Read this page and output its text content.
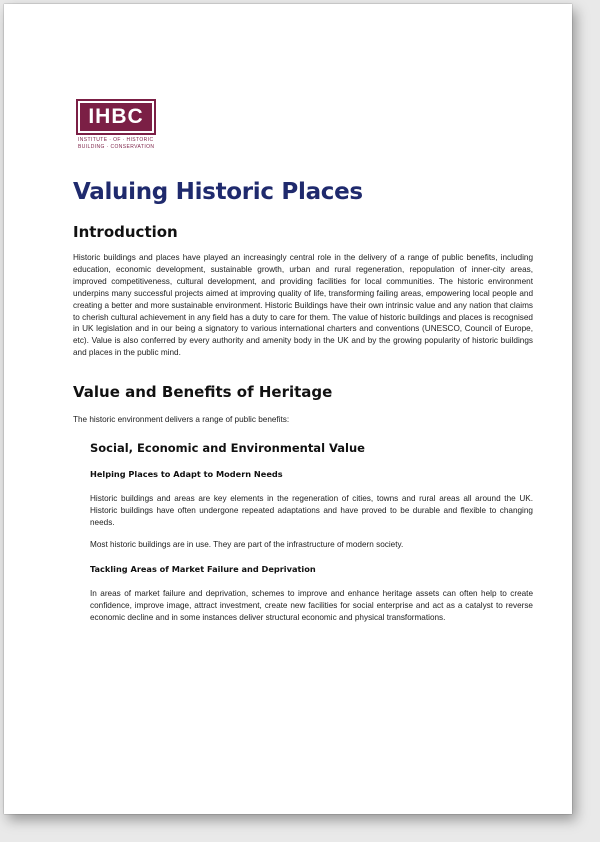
IHBC
INSTITUTE · OF · HISTORIC
BUILDING · CONSERVATION
Valuing Historic Places
Introduction

Historic buildings and places have played an increasingly central role in the delivery of a range of public benefits, including education, economic development, sustainable growth, urban and rural regeneration, repopulation of inner-city areas, improved competitiveness, cultural development, and providing facilities for local communities. The historic environment underpins many successful projects aimed at improving quality of life, transforming failing areas, empowering local people and creating a better and more sustainable environment. Historic Buildings have their own intrinsic value and any nation that claims to cherish cultural achievement in any field has a duty to care for them. The value of historic buildings and places is recognised in UK legislation and in our being a signatory to various international charters and conventions (UNESCO, Council of Europe, etc). Value is also conferred by every authority and amenity body in the UK and by the growing popularity of historic buildings and places in the public mind.

Value and Benefits of Heritage

The historic environment delivers a range of public benefits:

Social, Economic and Environmental Value
Helping Places to Adapt to Modern Needs

Historic buildings and areas are key elements in the regeneration of cities, towns and rural areas all around the UK. Historic buildings have often undergone repeated adaptations and have proved to be durable and flexible to changing needs.

Most historic buildings are in use. They are part of the infrastructure of modern society.

Tackling Areas of Market Failure and Deprivation

In areas of market failure and deprivation, schemes to improve and enhance heritage assets can often help to create confidence, improve image, attract investment, create new facilities for social enterprise and act as a catalyst to reverse economic decline and in some instances deliver structural economic and physical transformations.
